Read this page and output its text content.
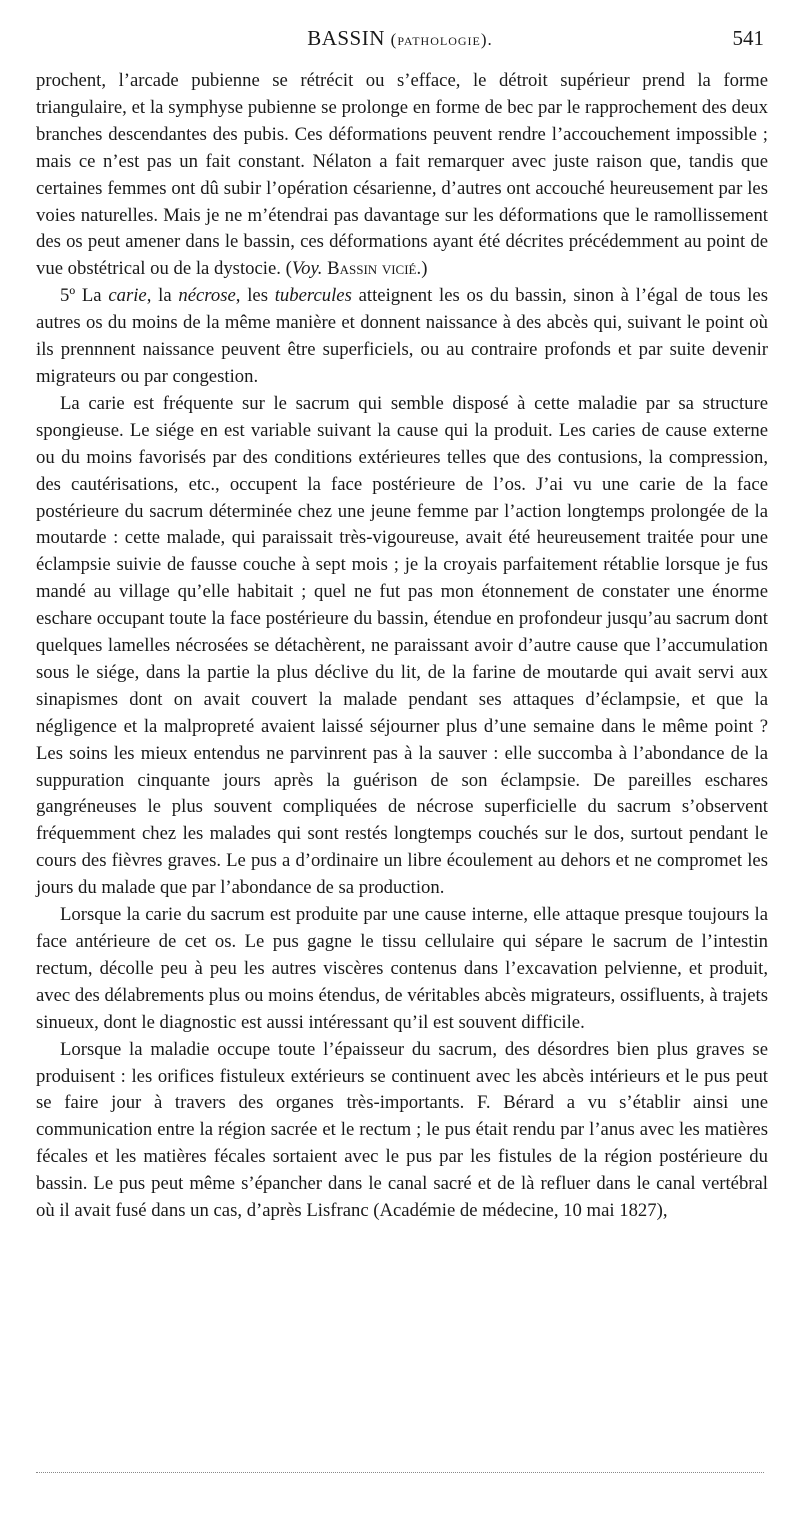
BASSIN (pathologie).	541

prochent, l’arcade pubienne se rétrécit ou s’efface, le détroit supérieur prend la forme triangulaire, et la symphyse pubienne se prolonge en forme de bec par le rapprochement des deux branches descendantes des pubis. Ces déformations peuvent rendre l’accouchement impossible ; mais ce n’est pas un fait constant. Nélaton a fait remarquer avec juste raison que, tandis que certaines femmes ont dû subir l’opération césarienne, d’autres ont accouché heureusement par les voies naturelles. Mais je ne m’étendrai pas davantage sur les déformations que le ramollissement des os peut amener dans le bassin, ces déformations ayant été décrites précédemment au point de vue obstétrical ou de la dystocie. (Voy. Bassin vicié.)

5º La carie, la nécrose, les tubercules atteignent les os du bassin, sinon à l’égal de tous les autres os du moins de la même manière et donnent naissance à des abcès qui, suivant le point où ils prennnent naissance peuvent être superficiels, ou au contraire profonds et par suite devenir migrateurs ou par congestion.

La carie est fréquente sur le sacrum qui semble disposé à cette maladie par sa structure spongieuse. Le siége en est variable suivant la cause qui la produit. Les caries de cause externe ou du moins favorisés par des conditions extérieures telles que des contusions, la compression, des cautérisations, etc., occupent la face postérieure de l’os. J’ai vu une carie de la face postérieure du sacrum déterminée chez une jeune femme par l’action longtemps prolongée de la moutarde : cette malade, qui paraissait très-vigoureuse, avait été heureusement traitée pour une éclampsie suivie de fausse couche à sept mois ; je la croyais parfaitement rétablie lorsque je fus mandé au village qu’elle habitait ; quel ne fut pas mon étonnement de constater une énorme eschare occupant toute la face postérieure du bassin, étendue en profondeur jusqu’au sacrum dont quelques lamelles nécrosées se détachèrent, ne paraissant avoir d’autre cause que l’accumulation sous le siége, dans la partie la plus déclive du lit, de la farine de moutarde qui avait servi aux sinapismes dont on avait couvert la malade pendant ses attaques d’éclampsie, et que la négligence et la malpropreté avaient laissé séjourner plus d’une semaine dans le même point ? Les soins les mieux entendus ne parvinrent pas à la sauver : elle succomba à l’abondance de la suppuration cinquante jours après la guérison de son éclampsie. De pareilles eschares gangréneuses le plus souvent compliquées de nécrose superficielle du sacrum s’observent fréquemment chez les malades qui sont restés longtemps couchés sur le dos, surtout pendant le cours des fièvres graves. Le pus a d’ordinaire un libre écoulement au dehors et ne compromet les jours du malade que par l’abondance de sa production.

Lorsque la carie du sacrum est produite par une cause interne, elle attaque presque toujours la face antérieure de cet os. Le pus gagne le tissu cellulaire qui sépare le sacrum de l’intestin rectum, décolle peu à peu les autres viscères contenus dans l’excavation pelvienne, et produit, avec des délabrements plus ou moins étendus, de véritables abcès migrateurs, ossifluents, à trajets sinueux, dont le diagnostic est aussi intéressant qu’il est souvent difficile.

Lorsque la maladie occupe toute l’épaisseur du sacrum, des désordres bien plus graves se produisent : les orifices fistuleux extérieurs se continuent avec les abcès intérieurs et le pus peut se faire jour à travers des organes très-importants. F. Bérard a vu s’établir ainsi une communication entre la région sacrée et le rectum ; le pus était rendu par l’anus avec les matières fécales et les matières fécales sortaient avec le pus par les fistules de la région postérieure du bassin. Le pus peut même s’épancher dans le canal sacré et de là refluer dans le canal vertébral où il avait fusé dans un cas, d’après Lisfranc (Académie de médecine, 10 mai 1827),
